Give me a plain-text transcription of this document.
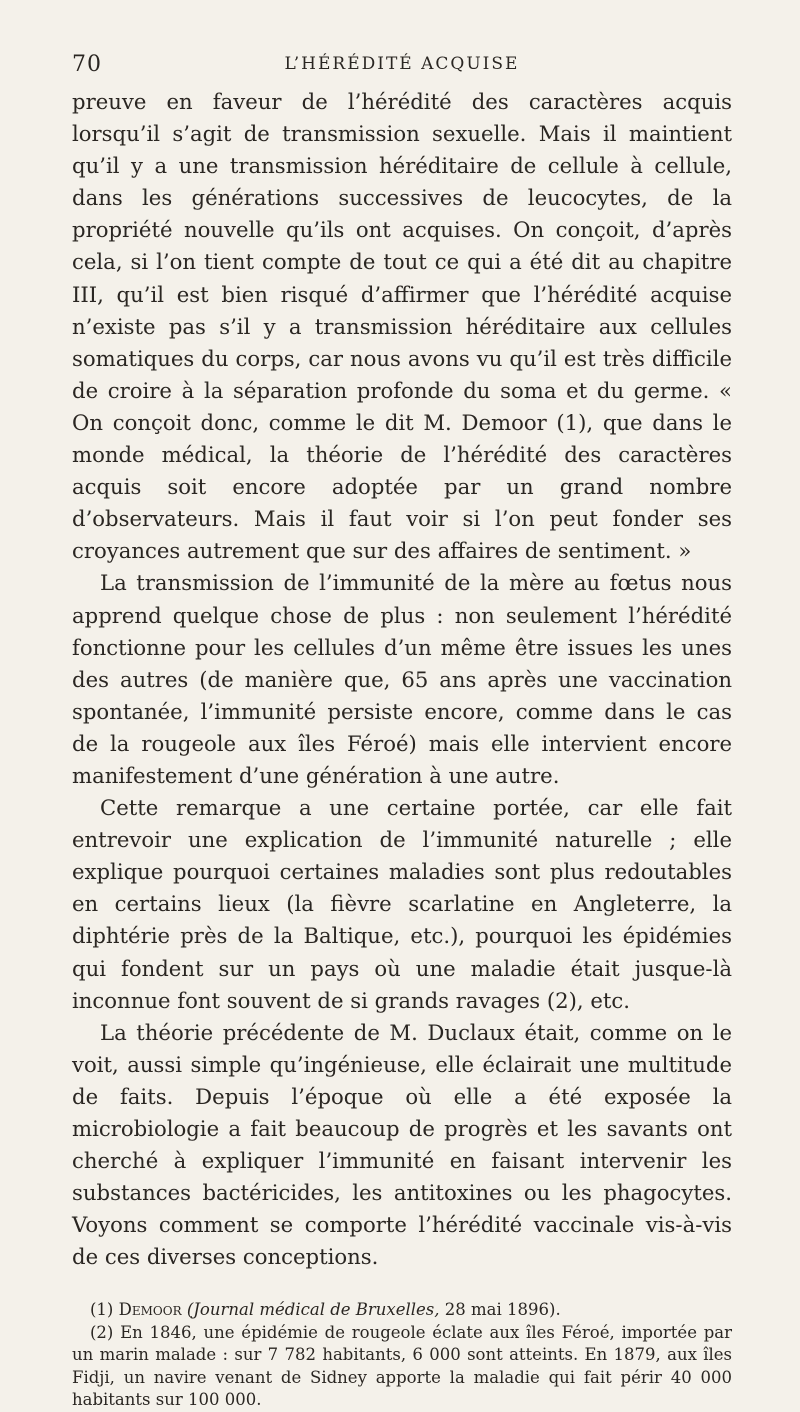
70	L’HÉRÉDITÉ ACQUISE

preuve en faveur de l’hérédité des caractères acquis lorsqu’il s’agit de transmission sexuelle. Mais il maintient qu’il y a une transmission héréditaire de cellule à cellule, dans les générations successives de leucocytes, de la propriété nouvelle qu’ils ont acquises. On conçoit, d’après cela, si l’on tient compte de tout ce qui a été dit au chapitre III, qu’il est bien risqué d’affirmer que l’hérédité acquise n’existe pas s’il y a transmission héréditaire aux cellules somatiques du corps, car nous avons vu qu’il est très difficile de croire à la séparation profonde du soma et du germe. « On conçoit donc, comme le dit M. Demoor (1), que dans le monde médical, la théorie de l’hérédité des caractères acquis soit encore adoptée par un grand nombre d’observateurs. Mais il faut voir si l’on peut fonder ses croyances autrement que sur des affaires de sentiment. »

La transmission de l’immunité de la mère au fœtus nous apprend quelque chose de plus : non seulement l’hérédité fonctionne pour les cellules d’un même être issues les unes des autres (de manière que, 65 ans après une vaccination spontanée, l’immunité persiste encore, comme dans le cas de la rougeole aux îles Féroé) mais elle intervient encore manifestement d’une génération à une autre.

Cette remarque a une certaine portée, car elle fait entrevoir une explication de l’immunité naturelle ; elle explique pourquoi certaines maladies sont plus redoutables en certains lieux (la fièvre scarlatine en Angleterre, la diphtérie près de la Baltique, etc.), pourquoi les épidémies qui fondent sur un pays où une maladie était jusque-là inconnue font souvent de si grands ravages (2), etc.

La théorie précédente de M. Duclaux était, comme on le voit, aussi simple qu’ingénieuse, elle éclairait une multitude de faits. Depuis l’époque où elle a été exposée la microbiologie a fait beaucoup de progrès et les savants ont cherché à expliquer l’immunité en faisant intervenir les substances bactéricides, les antitoxines ou les phagocytes. Voyons comment se comporte l’hérédité vaccinale vis-à-vis de ces diverses conceptions.

(1) Demoor (Journal médical de Bruxelles, 28 mai 1896).

(2) En 1846, une épidémie de rougeole éclate aux îles Féroé, importée par un marin malade : sur 7 782 habitants, 6 000 sont atteints. En 1879, aux îles Fidji, un navire venant de Sidney apporte la maladie qui fait périr 40 000 habitants sur 100 000.
